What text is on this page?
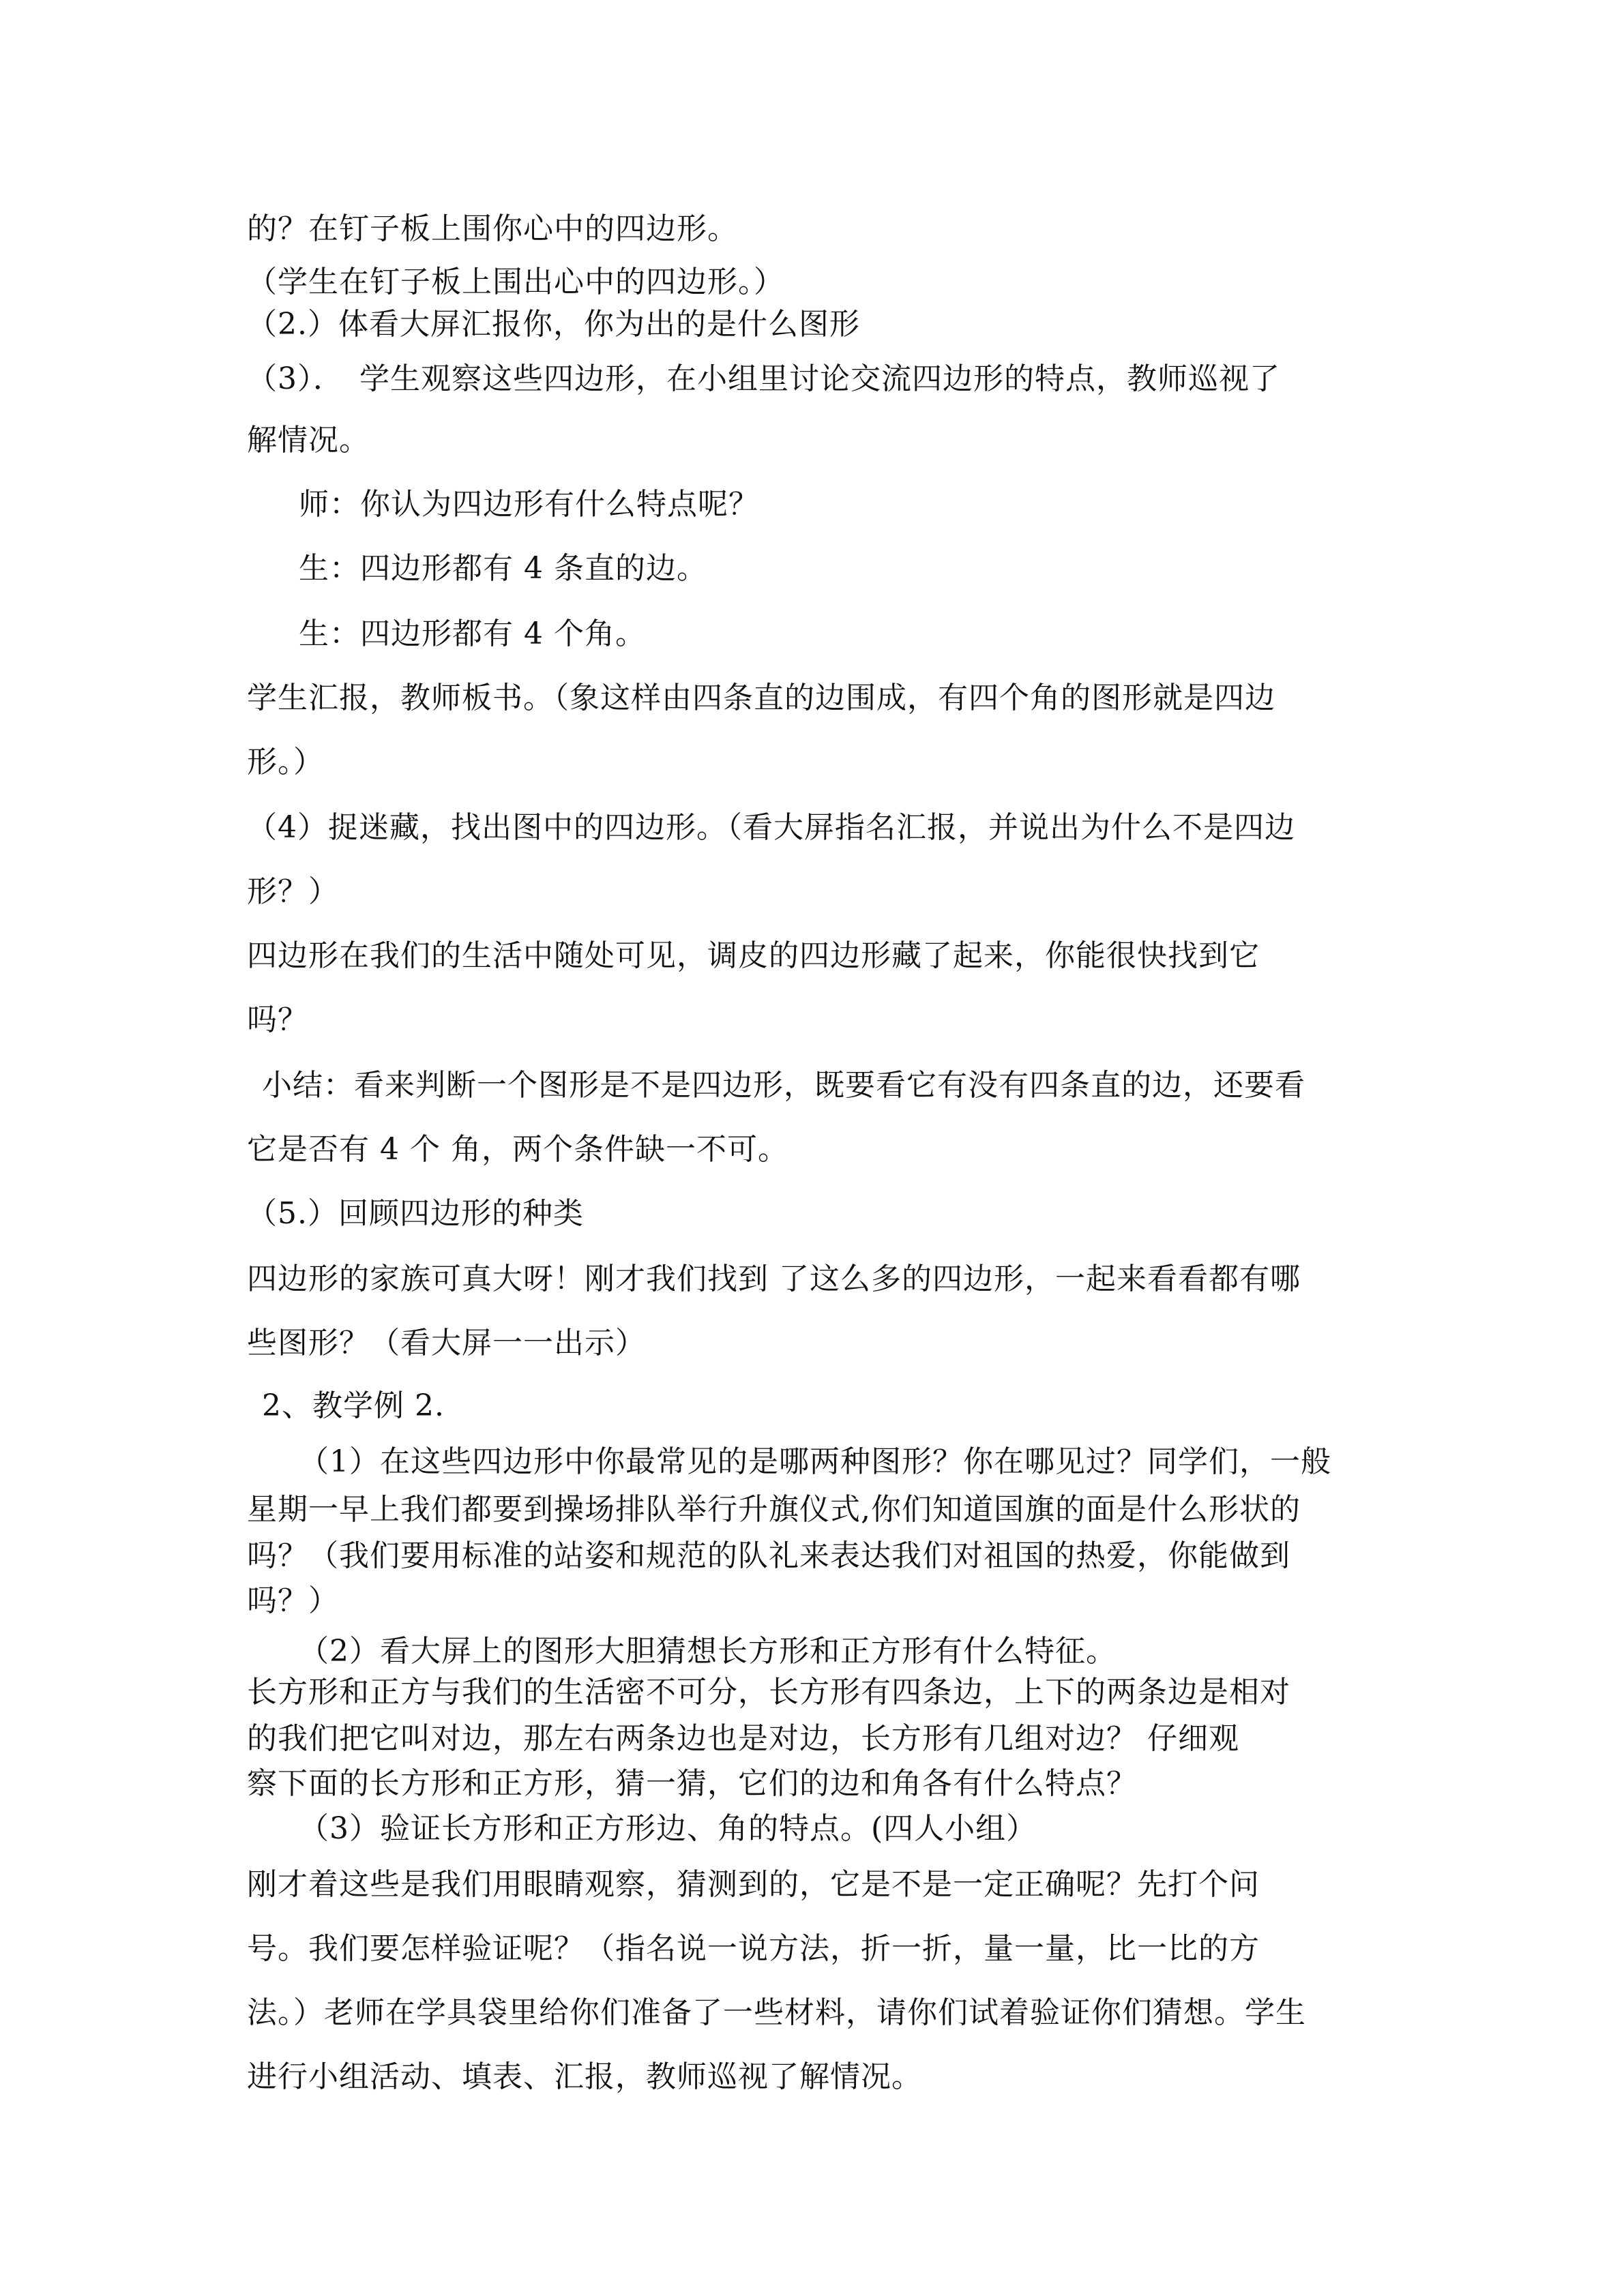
的？在钉子板上围你心中的四边形。
（学生在钉子板上围出心中的四边形。）
（2.）体看大屏汇报你，你为出的是什么图形
（3）．　学生观察这些四边形，在小组里讨论交流四边形的特点，教师巡视了
解情况。
师：你认为四边形有什么特点呢？
生：四边形都有 4 条直的边。
生：四边形都有 4 个角。
学生汇报，教师板书。（象这样由四条直的边围成，有四个角的图形就是四边
形。）
（4）捉迷藏，找出图中的四边形。（看大屏指名汇报，并说出为什么不是四边
形？）
四边形在我们的生活中随处可见，调皮的四边形藏了起来，你能很快找到它
吗？
小结：看来判断一个图形是不是四边形，既要看它有没有四条直的边，还要看
它是否有 4 个 角，两个条件缺一不可。
（5.）回顾四边形的种类
四边形的家族可真大呀！刚才我们找到 了这么多的四边形，一起来看看都有哪
些图形？（看大屏一一出示）
2、教学例 2.
（1）在这些四边形中你最常见的是哪两种图形？你在哪见过？同学们，一般
星期一早上我们都要到操场排队举行升旗仪式,你们知道国旗的面是什么形状的
吗？（我们要用标准的站姿和规范的队礼来表达我们对祖国的热爱，你能做到
吗？）
（2）看大屏上的图形大胆猜想长方形和正方形有什么特征。
长方形和正方与我们的生活密不可分，长方形有四条边，上下的两条边是相对
的我们把它叫对边，那左右两条边也是对边，长方形有几组对边？ 仔细观
察下面的长方形和正方形，猜一猜，它们的边和角各有什么特点？
（3）验证长方形和正方形边、角的特点。(四人小组）
刚才着这些是我们用眼睛观察，猜测到的，它是不是一定正确呢？先打个问
号。我们要怎样验证呢？（指名说一说方法，折一折，量一量，比一比的方
法。）老师在学具袋里给你们准备了一些材料，请你们试着验证你们猜想。学生
进行小组活动、填表、汇报，教师巡视了解情况。
